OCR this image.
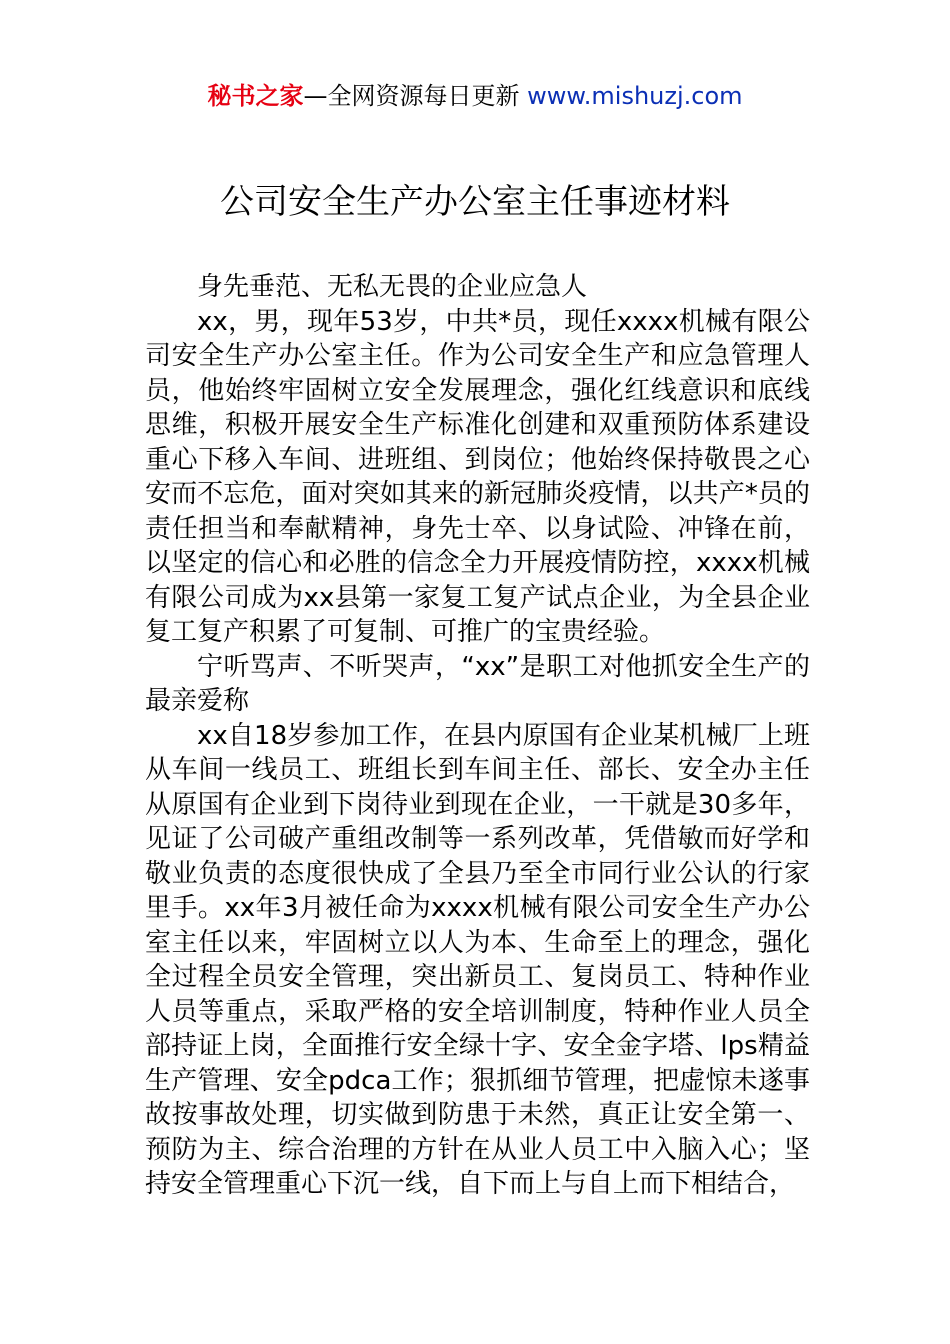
秘书之家—全网资源每日更新 www.mishuzj.com
公司安全生产办公室主任事迹材料

身先垂范、无私无畏的企业应急人

xx，男，现年53岁，中共*员，现任xxxx机械有限公司安全生产办公室主任。作为公司安全生产和应急管理人员，他始终牢固树立安全发展理念，强化红线意识和底线思维，积极开展安全生产标准化创建和双重预防体系建设重心下移入车间、进班组、到岗位；他始终保持敬畏之心安而不忘危，面对突如其来的新冠肺炎疫情，以共产*员的责任担当和奉献精神，身先士卒、以身试险、冲锋在前，以坚定的信心和必胜的信念全力开展疫情防控，xxxx机械有限公司成为xx县第一家复工复产试点企业，为全县企业复工复产积累了可复制、可推广的宝贵经验。

宁听骂声、不听哭声，“xx”是职工对他抓安全生产的最亲爱称

xx自18岁参加工作，在县内原国有企业某机械厂上班从车间一线员工、班组长到车间主任、部长、安全办主任从原国有企业到下岗待业到现在企业，一干就是30多年，见证了公司破产重组改制等一系列改革，凭借敏而好学和敬业负责的态度很快成了全县乃至全市同行业公认的行家里手。xx年3月被任命为xxxx机械有限公司安全生产办公室主任以来，牢固树立以人为本、生命至上的理念，强化全过程全员安全管理，突出新员工、复岗员工、特种作业人员等重点，采取严格的安全培训制度，特种作业人员全部持证上岗，全面推行安全绿十字、安全金字塔、lps精益生产管理、安全pdca工作；狠抓细节管理，把虚惊未遂事故按事故处理，切实做到防患于未然，真正让安全第一、预防为主、综合治理的方针在从业人员工中入脑入心；坚持安全管理重心下沉一线，自下而上与自上而下相结合，
